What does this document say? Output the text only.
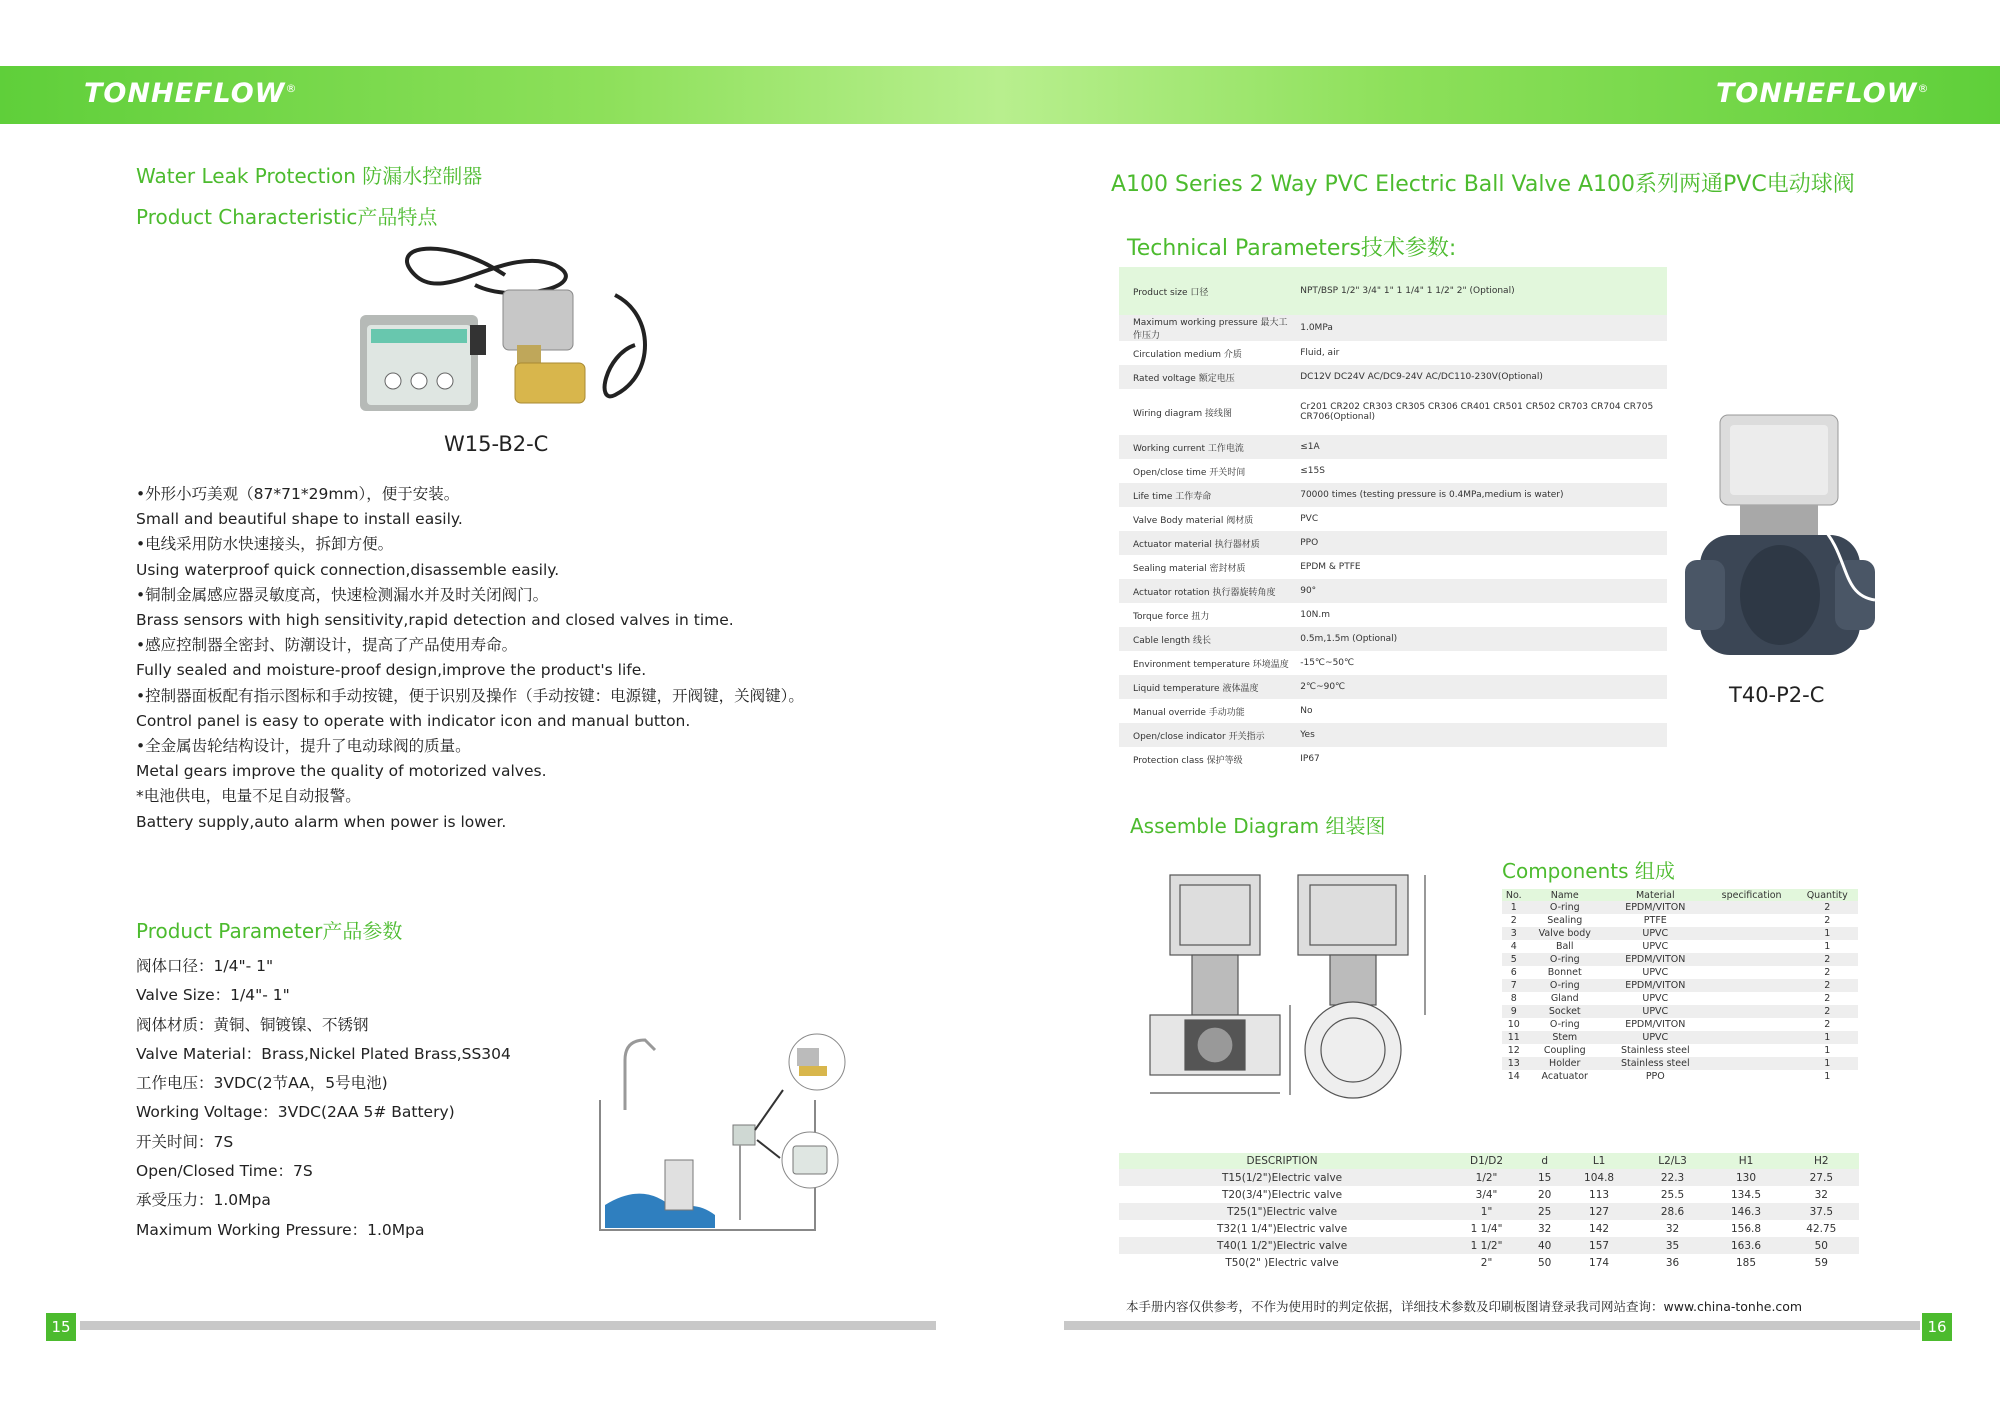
TONHEFLOW®	TONHEFLOW®
Water Leak Protection 防漏水控制器
Product Characteristic产品特点
W15-B2-C
•外形小巧美观（87*71*29mm），便于安装。
Small and beautiful shape to install easily.
•电线采用防水快速接头，拆卸方便。
Using waterproof quick connection,disassemble easily.
•铜制金属感应器灵敏度高，快速检测漏水并及时关闭阀门。
Brass sensors with high sensitivity,rapid detection and closed valves in time.
•感应控制器全密封、防潮设计，提高了产品使用寿命。
Fully sealed and moisture-proof design,improve the product's life.
•控制器面板配有指示图标和手动按键，便于识别及操作（手动按键：电源键，开阀键，关阀键）。
Control panel is easy to operate with indicator icon and manual button.
•全金属齿轮结构设计，提升了电动球阀的质量。
Metal gears improve the quality of motorized valves.
*电池供电，电量不足自动报警。
Battery supply,auto alarm when power is lower.
Product Parameter产品参数
阀体口径：1/4"- 1"
Valve Size：1/4"- 1"
阀体材质：黄铜、铜镀镍、不锈钢
Valve Material：Brass,Nickel Plated Brass,SS304
工作电压：3VDC(2节AA，5号电池)
Working Voltage：3VDC(2AA 5# Battery)
开关时间：7S
Open/Closed Time：7S
承受压力：1.0Mpa
Maximum Working Pressure：1.0Mpa
15
A100 Series 2 Way PVC Electric Ball Valve A100系列两通PVC电动球阀
Technical Parameters技术参数:
Product size 口径	NPT/BSP 1/2" 3/4" 1" 1 1/4" 1 1/2" 2" (Optional)
Maximum working pressure 最大工作压力	1.0MPa
Circulation medium 介质	Fluid, air
Rated voltage 额定电压	DC12V DC24V AC/DC9-24V AC/DC110-230V(Optional)
Wiring diagram 接线图	Cr201 CR202 CR303 CR305 CR306 CR401 CR501 CR502 CR703 CR704 CR705 CR706(Optional)
Working current 工作电流	≤1A
Open/close time 开关时间	≤15S
Life time 工作寿命	70000 times (testing pressure is 0.4MPa,medium is water)
Valve Body material 阀材质	PVC
Actuator material 执行器材质	PPO
Sealing material 密封材质	EPDM & PTFE
Actuator rotation 执行器旋转角度	90°
Torque force 扭力	10N.m
Cable length 线长	0.5m,1.5m (Optional)
Environment temperature 环境温度	-15℃~50℃
Liquid temperature 液体温度	2℃~90℃
Manual override 手动功能	No
Open/close indicator 开关指示	Yes
Protection class 保护等级	IP67
T40-P2-C
Assemble Diagram 组装图
Components 组成
No.	Name	Material	specification	Quantity
1	O-ring	EPDM/VITON		2
2	Sealing	PTFE		2
3	Valve body	UPVC		1
4	Ball	UPVC		1
5	O-ring	EPDM/VITON		2
6	Bonnet	UPVC		2
7	O-ring	EPDM/VITON		2
8	Gland	UPVC		2
9	Socket	UPVC		2
10	O-ring	EPDM/VITON		2
11	Stem	UPVC		1
12	Coupling	Stainless steel		1
13	Holder	Stainless steel		1
14	Acatuator	PPO		1
DESCRIPTION	D1/D2	d	L1	L2/L3	H1	H2
T15(1/2")Electric valve	1/2"	15	104.8	22.3	130	27.5
T20(3/4")Electric valve	3/4"	20	113	25.5	134.5	32
T25(1")Electric valve	1"	25	127	28.6	146.3	37.5
T32(1 1/4")Electric valve	1 1/4"	32	142	32	156.8	42.75
T40(1 1/2")Electric valve	1 1/2"	40	157	35	163.6	50
T50(2" )Electric valve	2"	50	174	36	185	59
本手册内容仅供参考，不作为使用时的判定依据，详细技术参数及印刷板图请登录我司网站查询：www.china-tonhe.com
16
